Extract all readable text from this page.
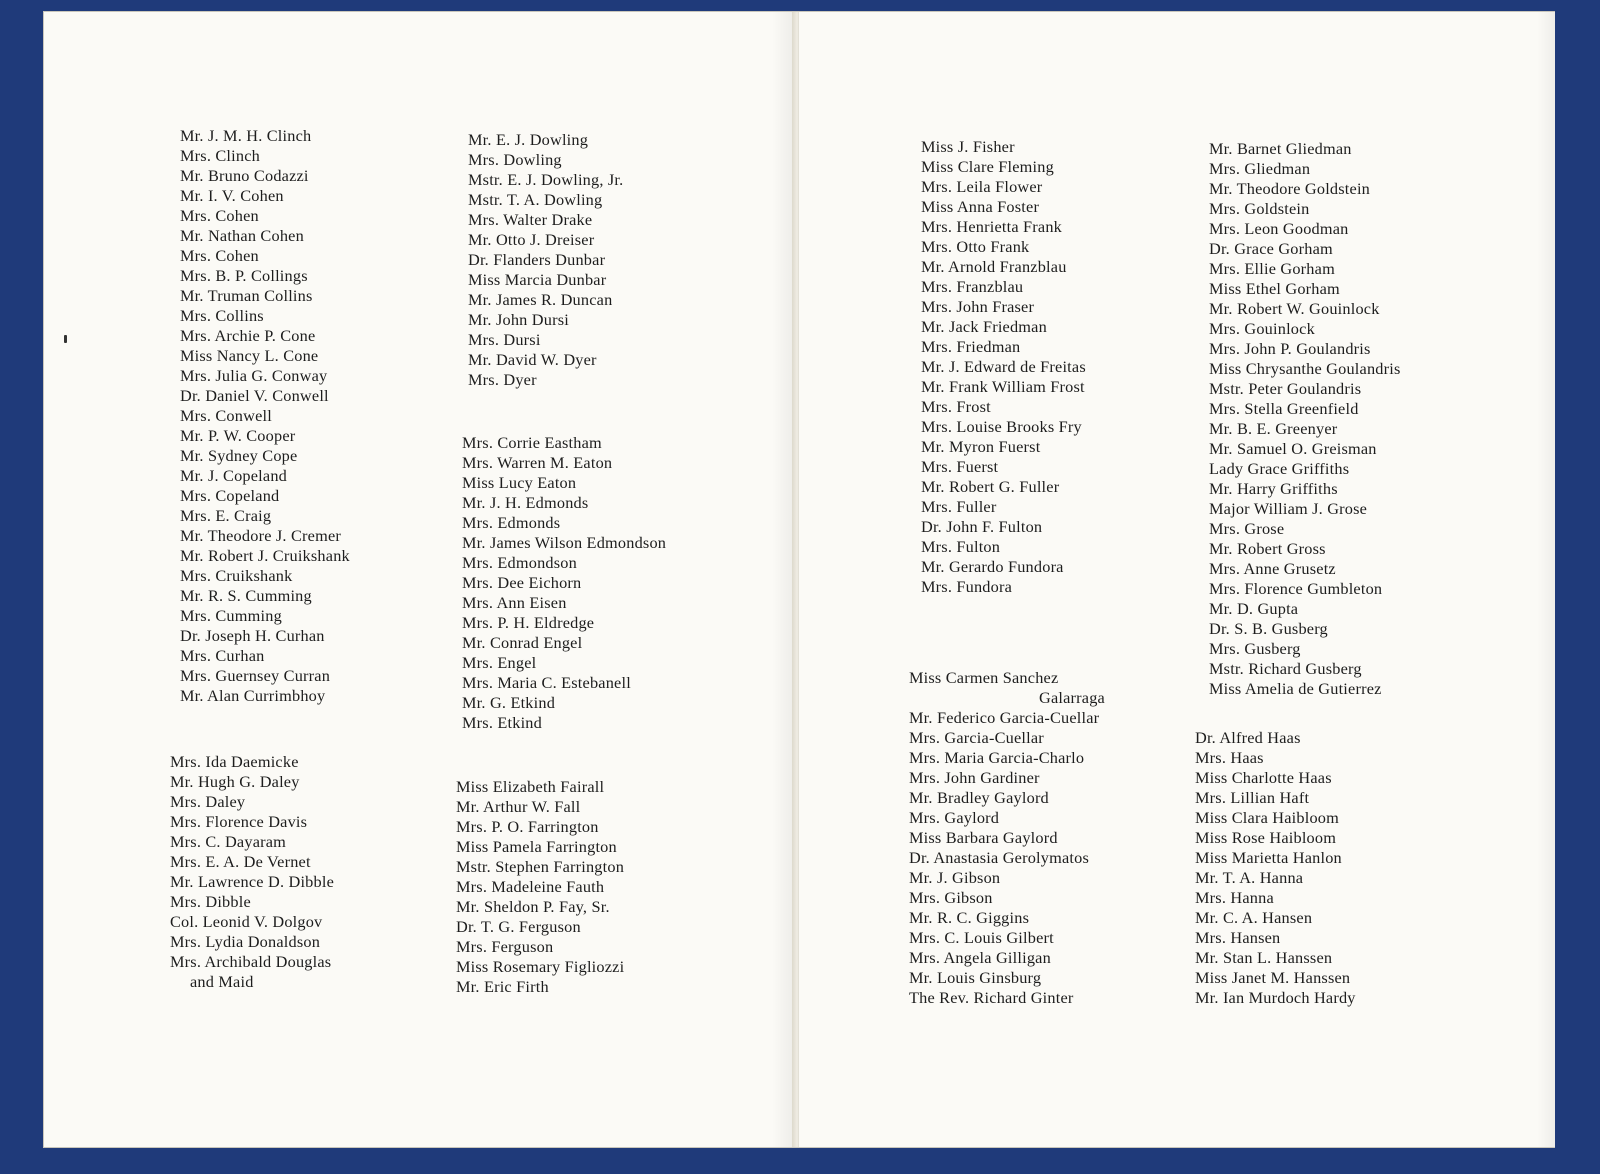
Mr. J. M. H. Clinch
Mrs. Clinch
Mr. Bruno Codazzi
Mr. I. V. Cohen
Mrs. Cohen
Mr. Nathan Cohen
Mrs. Cohen
Mrs. B. P. Collings
Mr. Truman Collins
Mrs. Collins
Mrs. Archie P. Cone
Miss Nancy L. Cone
Mrs. Julia G. Conway
Dr. Daniel V. Conwell
Mrs. Conwell
Mr. P. W. Cooper
Mr. Sydney Cope
Mr. J. Copeland
Mrs. Copeland
Mrs. E. Craig
Mr. Theodore J. Cremer
Mr. Robert J. Cruikshank
Mrs. Cruikshank
Mr. R. S. Cumming
Mrs. Cumming
Dr. Joseph H. Curhan
Mrs. Curhan
Mrs. Guernsey Curran
Mr. Alan Currimbhoy
Mrs. Ida Daemicke
Mr. Hugh G. Daley
Mrs. Daley
Mrs. Florence Davis
Mrs. C. Dayaram
Mrs. E. A. De Vernet
Mr. Lawrence D. Dibble
Mrs. Dibble
Col. Leonid V. Dolgov
Mrs. Lydia Donaldson
Mrs. Archibald Douglas
and Maid
Mr. E. J. Dowling
Mrs. Dowling
Mstr. E. J. Dowling, Jr.
Mstr. T. A. Dowling
Mrs. Walter Drake
Mr. Otto J. Dreiser
Dr. Flanders Dunbar
Miss Marcia Dunbar
Mr. James R. Duncan
Mr. John Dursi
Mrs. Dursi
Mr. David W. Dyer
Mrs. Dyer
Mrs. Corrie Eastham
Mrs. Warren M. Eaton
Miss Lucy Eaton
Mr. J. H. Edmonds
Mrs. Edmonds
Mr. James Wilson Edmondson
Mrs. Edmondson
Mrs. Dee Eichorn
Mrs. Ann Eisen
Mrs. P. H. Eldredge
Mr. Conrad Engel
Mrs. Engel
Mrs. Maria C. Estebanell
Mr. G. Etkind
Mrs. Etkind
Miss Elizabeth Fairall
Mr. Arthur W. Fall
Mrs. P. O. Farrington
Miss Pamela Farrington
Mstr. Stephen Farrington
Mrs. Madeleine Fauth
Mr. Sheldon P. Fay, Sr.
Dr. T. G. Ferguson
Mrs. Ferguson
Miss Rosemary Figliozzi
Mr. Eric Firth
Miss J. Fisher
Miss Clare Fleming
Mrs. Leila Flower
Miss Anna Foster
Mrs. Henrietta Frank
Mrs. Otto Frank
Mr. Arnold Franzblau
Mrs. Franzblau
Mrs. John Fraser
Mr. Jack Friedman
Mrs. Friedman
Mr. J. Edward de Freitas
Mr. Frank William Frost
Mrs. Frost
Mrs. Louise Brooks Fry
Mr. Myron Fuerst
Mrs. Fuerst
Mr. Robert G. Fuller
Mrs. Fuller
Dr. John F. Fulton
Mrs. Fulton
Mr. Gerardo Fundora
Mrs. Fundora
Miss Carmen Sanchez
Galarraga
Mr. Federico Garcia-Cuellar
Mrs. Garcia-Cuellar
Mrs. Maria Garcia-Charlo
Mrs. John Gardiner
Mr. Bradley Gaylord
Mrs. Gaylord
Miss Barbara Gaylord
Dr. Anastasia Gerolymatos
Mr. J. Gibson
Mrs. Gibson
Mr. R. C. Giggins
Mrs. C. Louis Gilbert
Mrs. Angela Gilligan
Mr. Louis Ginsburg
The Rev. Richard Ginter
Mr. Barnet Gliedman
Mrs. Gliedman
Mr. Theodore Goldstein
Mrs. Goldstein
Mrs. Leon Goodman
Dr. Grace Gorham
Mrs. Ellie Gorham
Miss Ethel Gorham
Mr. Robert W. Gouinlock
Mrs. Gouinlock
Mrs. John P. Goulandris
Miss Chrysanthe Goulandris
Mstr. Peter Goulandris
Mrs. Stella Greenfield
Mr. B. E. Greenyer
Mr. Samuel O. Greisman
Lady Grace Griffiths
Mr. Harry Griffiths
Major William J. Grose
Mrs. Grose
Mr. Robert Gross
Mrs. Anne Grusetz
Mrs. Florence Gumbleton
Mr. D. Gupta
Dr. S. B. Gusberg
Mrs. Gusberg
Mstr. Richard Gusberg
Miss Amelia de Gutierrez
Dr. Alfred Haas
Mrs. Haas
Miss Charlotte Haas
Mrs. Lillian Haft
Miss Clara Haibloom
Miss Rose Haibloom
Miss Marietta Hanlon
Mr. T. A. Hanna
Mrs. Hanna
Mr. C. A. Hansen
Mrs. Hansen
Mr. Stan L. Hanssen
Miss Janet M. Hanssen
Mr. Ian Murdoch Hardy
